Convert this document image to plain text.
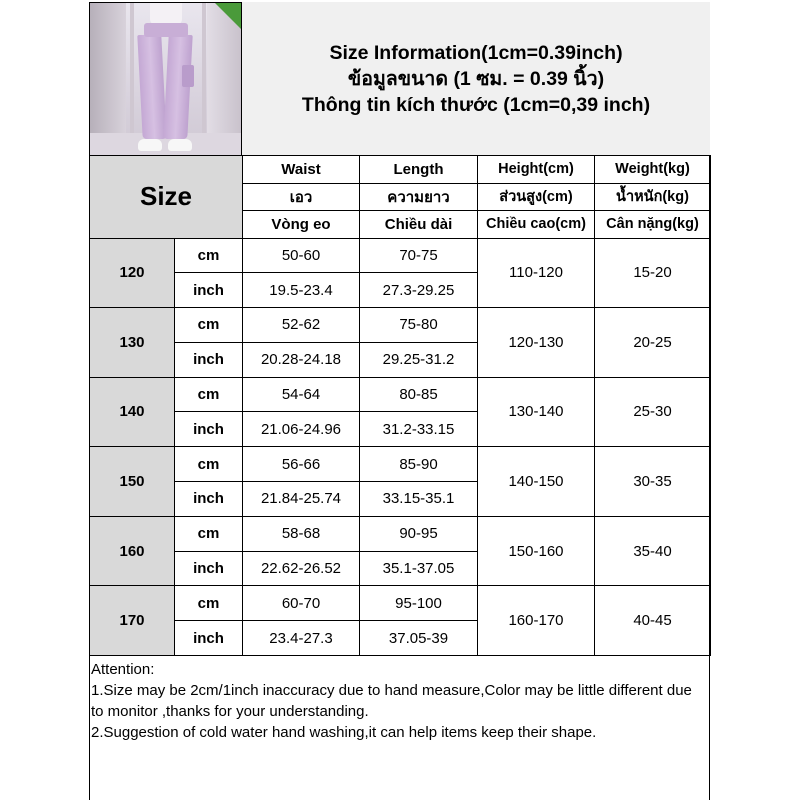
Size Information(1cm=0.39inch)
ข้อมูลขนาด (1 ซม. = 0.39 นิ้ว)
Thông tin kích thước (1cm=0,39 inch)
Size		Waist	Length	Height(cm)	Weight(kg)
		เอว	ความยาว	ส่วนสูง(cm)	น้ำหนัก(kg)
		Vòng eo	Chiều dài	Chiều cao(cm)	Cân nặng(kg)
120	cm	50-60	70-75	110-120	15-20
	inch	19.5-23.4	27.3-29.25		
130	cm	52-62	75-80	120-130	20-25
	inch	20.28-24.18	29.25-31.2		
140	cm	54-64	80-85	130-140	25-30
	inch	21.06-24.96	31.2-33.15		
150	cm	56-66	85-90	140-150	30-35
	inch	21.84-25.74	33.15-35.1		
160	cm	58-68	90-95	150-160	35-40
	inch	22.62-26.52	35.1-37.05		
170	cm	60-70	95-100	160-170	40-45
	inch	23.4-27.3	37.05-39		
Attention:
1.Size may be 2cm/1inch inaccuracy due to hand measure,Color may be little different due to monitor ,thanks for your understanding.
2.Suggestion of cold water hand washing,it can help items keep their shape.
